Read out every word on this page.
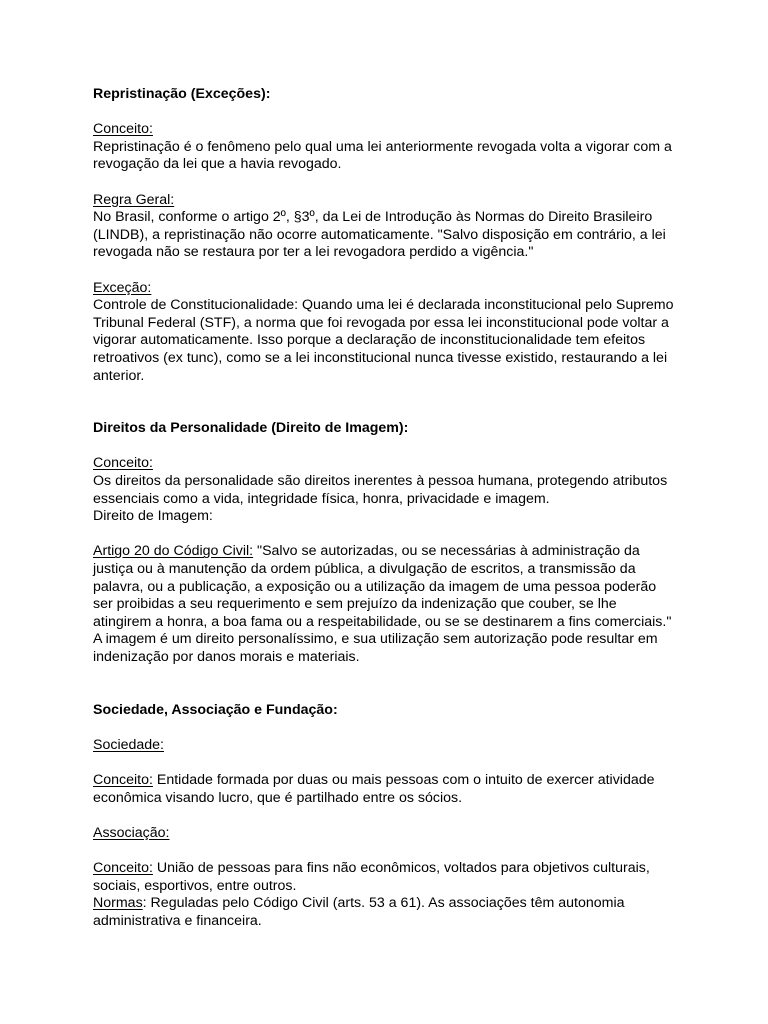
Repristinação (Exceções):
Conceito:
Repristinação é o fenômeno pelo qual uma lei anteriormente revogada volta a vigorar com a
revogação da lei que a havia revogado.
Regra Geral:
No Brasil, conforme o artigo 2º, §3º, da Lei de Introdução às Normas do Direito Brasileiro
(LINDB), a repristinação não ocorre automaticamente. "Salvo disposição em contrário, a lei
revogada não se restaura por ter a lei revogadora perdido a vigência."
Exceção:
Controle de Constitucionalidade: Quando uma lei é declarada inconstitucional pelo Supremo
Tribunal Federal (STF), a norma que foi revogada por essa lei inconstitucional pode voltar a
vigorar automaticamente. Isso porque a declaração de inconstitucionalidade tem efeitos
retroativos (ex tunc), como se a lei inconstitucional nunca tivesse existido, restaurando a lei
anterior.
Direitos da Personalidade (Direito de Imagem):
Conceito:
Os direitos da personalidade são direitos inerentes à pessoa humana, protegendo atributos
essenciais como a vida, integridade física, honra, privacidade e imagem.
Direito de Imagem:
Artigo 20 do Código Civil: "Salvo se autorizadas, ou se necessárias à administração da
justiça ou à manutenção da ordem pública, a divulgação de escritos, a transmissão da
palavra, ou a publicação, a exposição ou a utilização da imagem de uma pessoa poderão
ser proibidas a seu requerimento e sem prejuízo da indenização que couber, se lhe
atingirem a honra, a boa fama ou a respeitabilidade, ou se se destinarem a fins comerciais."
A imagem é um direito personalíssimo, e sua utilização sem autorização pode resultar em
indenização por danos morais e materiais.
Sociedade, Associação e Fundação:
Sociedade:
Conceito: Entidade formada por duas ou mais pessoas com o intuito de exercer atividade
econômica visando lucro, que é partilhado entre os sócios.
Associação:
Conceito: União de pessoas para fins não econômicos, voltados para objetivos culturais,
sociais, esportivos, entre outros.
Normas: Reguladas pelo Código Civil (arts. 53 a 61). As associações têm autonomia
administrativa e financeira.
